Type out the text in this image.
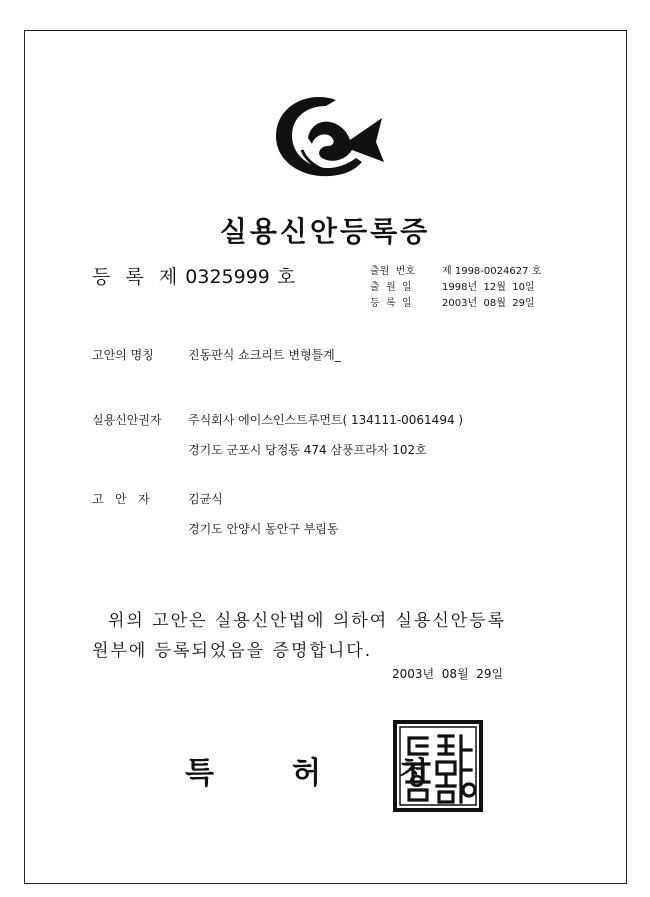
실용신안등록증
등  록  제 0325999 호	출원  번호	제 1998-0024627 호
출  원  일	1998년  12월  10일
등  록  일	2003년  08월  29일
고안의 명칭	진동판식 쇼크리트 변형틀계_
실용신안권자 주식회사 에이스인스트루먼트( 134111-0061494 )
경기도 군포시 당정동 474 삼풍프라자 102호
고   안   자	김균식
경기도 안양시 동안구 부림동
위의 고안은 실용신안법에 의하여 실용신안등록
원부에 등록되었음을 증명합니다.
2003년  08월  29일
특허청
